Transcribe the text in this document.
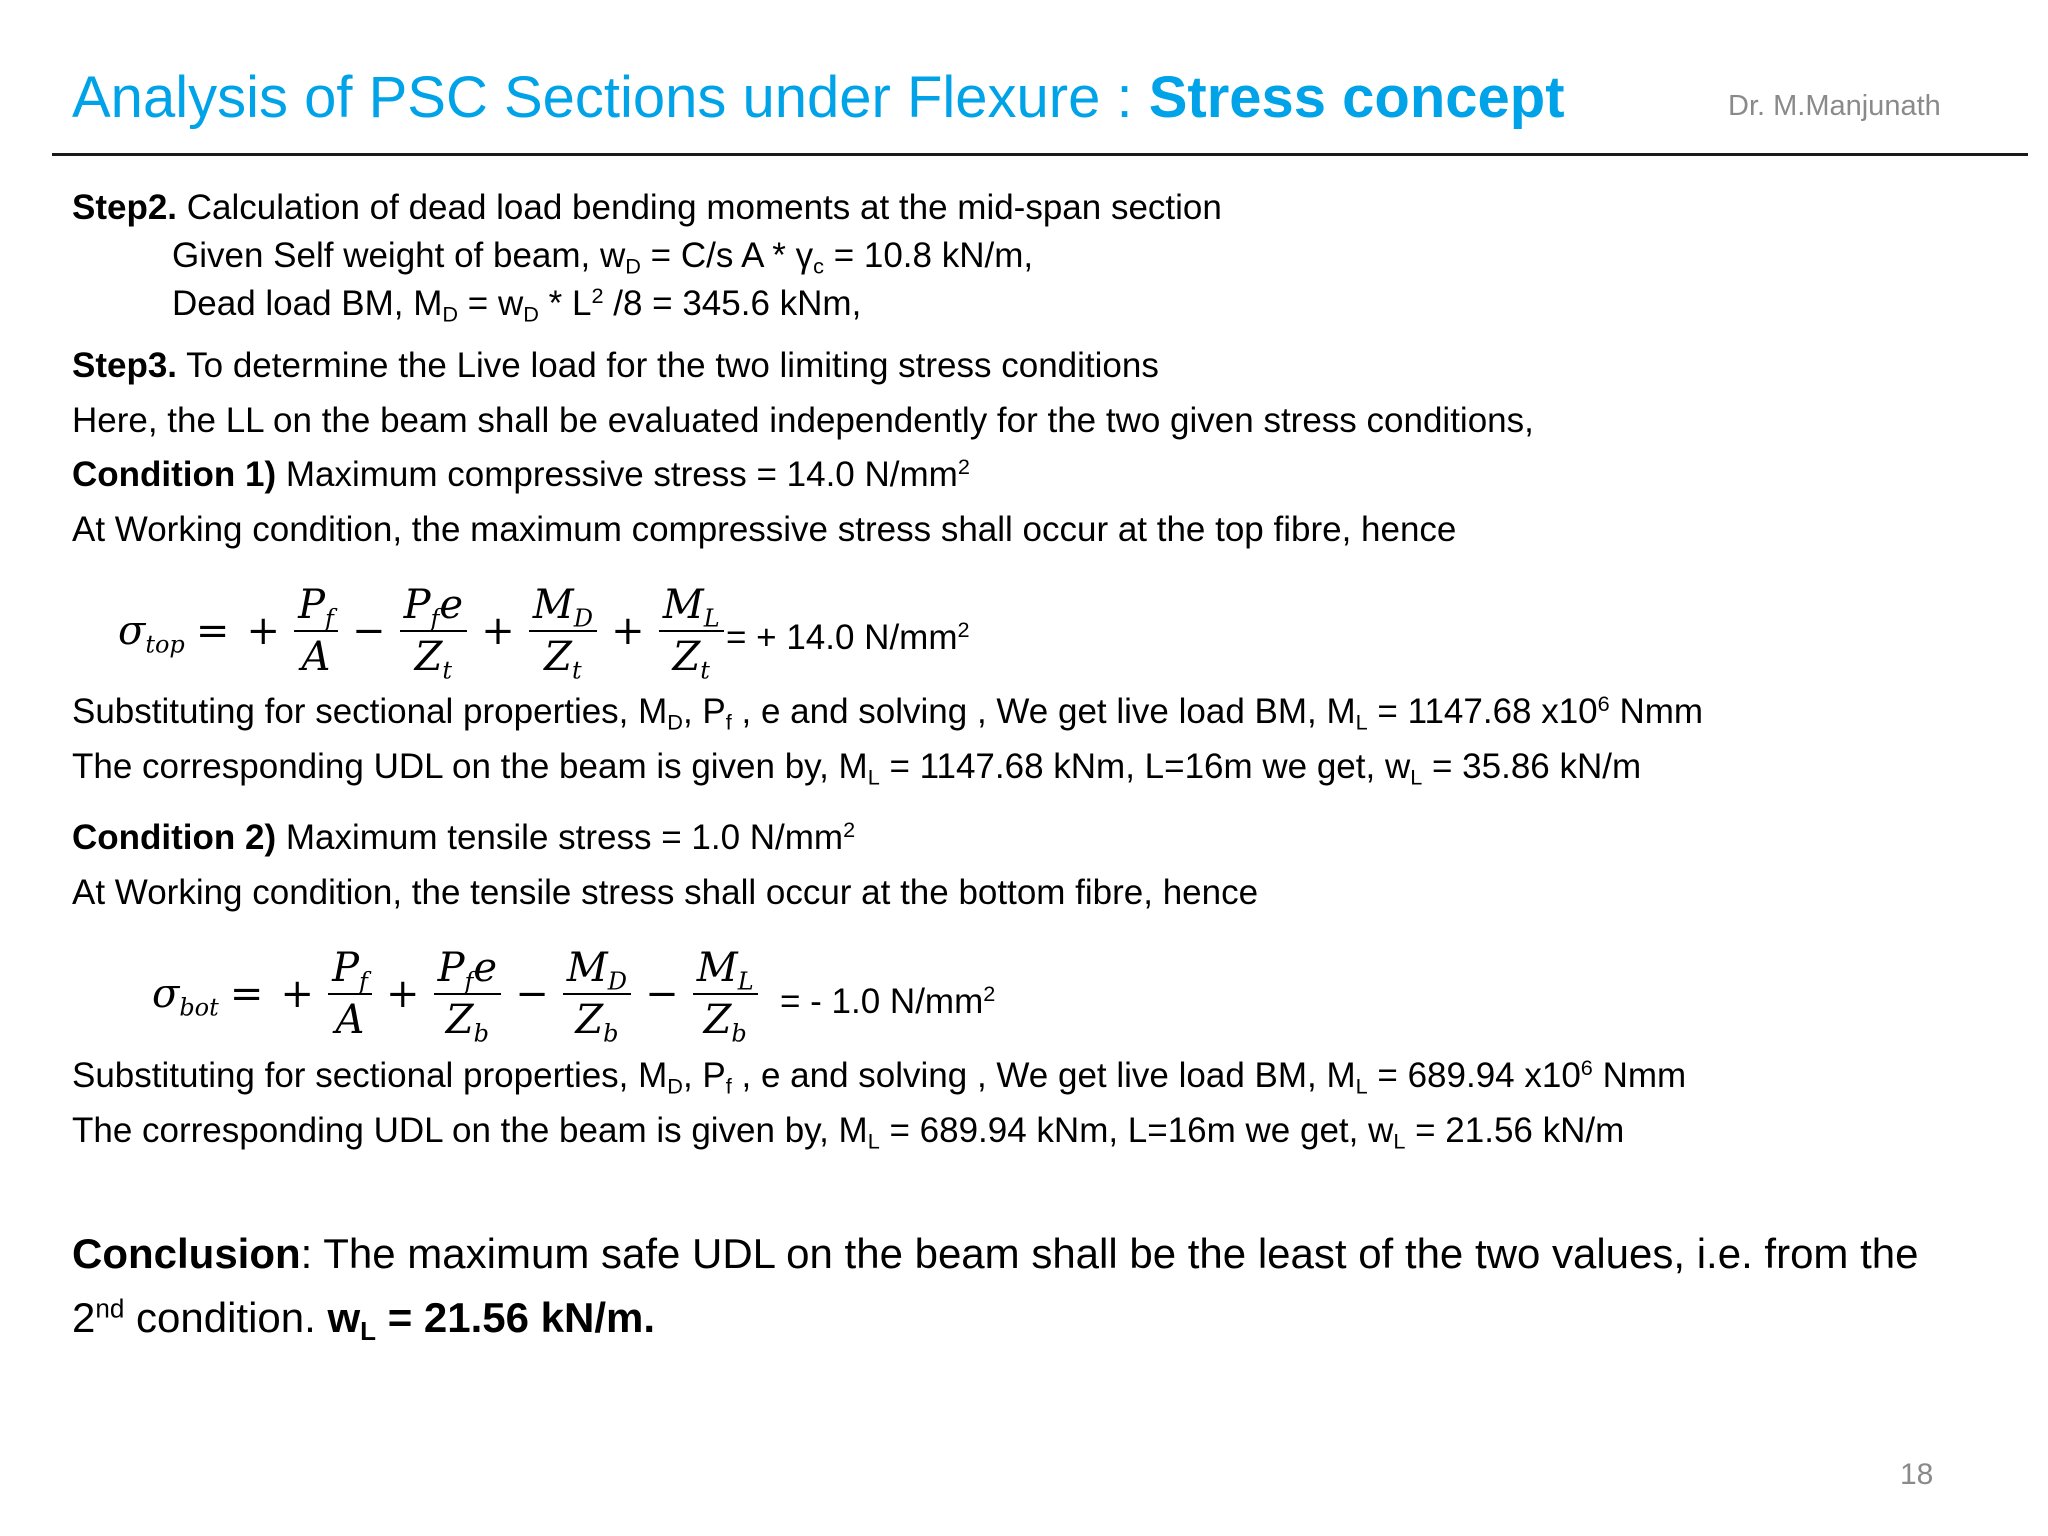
Analysis of PSC Sections under Flexure : Stress concept	Dr. M.Manjunath
Step2. Calculation of dead load bending moments at the mid-span section
Given Self weight of beam, $w_D = C/s$ $A * \gamma_c = 10.8$ kN/m,
Dead load BM, $M_D = w_D * L^2$ /8 = 345.6 kNm,
Step3. To determine the Live load for the two limiting stress conditions
Here, the LL on the beam shall be evaluated independently for the two given stress conditions,
Condition 1) Maximum compressive stress = 14.0 $N/mm^2$
At Working condition, the maximum compressive stress shall occur at the top fibre, hence
$\sigma_{top}$ = + $\frac{P_f}{A} - \frac{P_fe}{Z_t} + \frac{M_D}{Z_t} + \frac{M_L}{Z_t}$ = + 14.0 $N/mm^2$
Substituting for sectional properties, $M_D$, $P_f$ , e and solving , We get live load BM, $M_L = 1147.68$ $x10^6$ Nmm
The corresponding UDL on the beam is given by, $M_L = 1147.68$ kNm, L=16m we get, $w_L = 35.86$ kN/m
Condition 2) Maximum tensile stress = 1.0 $N/mm^2$
At Working condition, the tensile stress shall occur at the bottom fibre, hence
$\sigma_{bot}$ = + $\frac{P_f}{A} + \frac{P_fe}{Z_b} - \frac{M_D}{Z_b} - \frac{M_L}{Z_b}$ = - 1.0 $N/mm^2$
Substituting for sectional properties, $M_D$, $P_f$ , e and solving , We get live load BM, $M_L = 689.94$ $x10^6$ Nmm
The corresponding UDL on the beam is given by, $M_L = 689.94$ kNm, L=16m we get, $w_L = 21.56$ kN/m
Conclusion: The maximum safe UDL on the beam shall be the least of the two values, i.e. from the
2nd condition. $w_L = 21.56$ kN/m.
18
